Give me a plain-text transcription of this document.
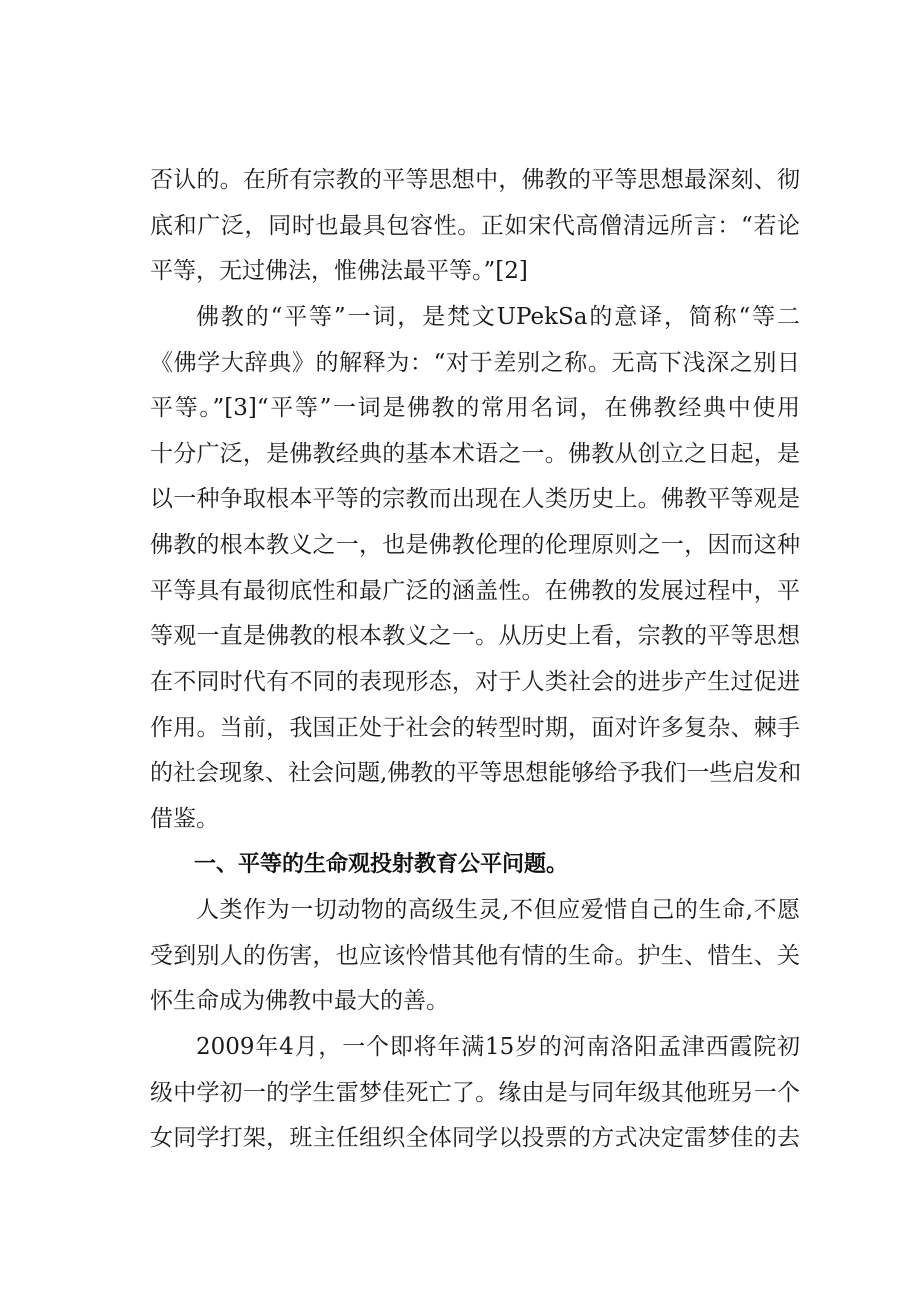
否认的。在所有宗教的平等思想中，佛教的平等思想最深刻、彻
底和广泛，同时也最具包容性。正如宋代高僧清远所言：“若论
平等，无过佛法，惟佛法最平等。”[2]
佛教的“平等”一词，是梵文UPekSa的意译，简称“等二
《佛学大辞典》的解释为：“对于差别之称。无高下浅深之别日
平等。”[3]“平等”一词是佛教的常用名词，在佛教经典中使用
十分广泛，是佛教经典的基本术语之一。佛教从创立之日起，是
以一种争取根本平等的宗教而出现在人类历史上。佛教平等观是
佛教的根本教义之一，也是佛教伦理的伦理原则之一，因而这种
平等具有最彻底性和最广泛的涵盖性。在佛教的发展过程中，平
等观一直是佛教的根本教义之一。从历史上看，宗教的平等思想
在不同时代有不同的表现形态，对于人类社会的进步产生过促进
作用。当前，我国正处于社会的转型时期，面对许多复杂、棘手
的社会现象、社会问题,佛教的平等思想能够给予我们一些启发和
借鉴。
一、平等的生命观投射教育公平问题。
人类作为一切动物的高级生灵,不但应爱惜自己的生命,不愿
受到别人的伤害，也应该怜惜其他有情的生命。护生、惜生、关
怀生命成为佛教中最大的善。
2009年4月，一个即将年满15岁的河南洛阳孟津西霞院初
级中学初一的学生雷梦佳死亡了。缘由是与同年级其他班另一个
女同学打架，班主任组织全体同学以投票的方式决定雷梦佳的去
